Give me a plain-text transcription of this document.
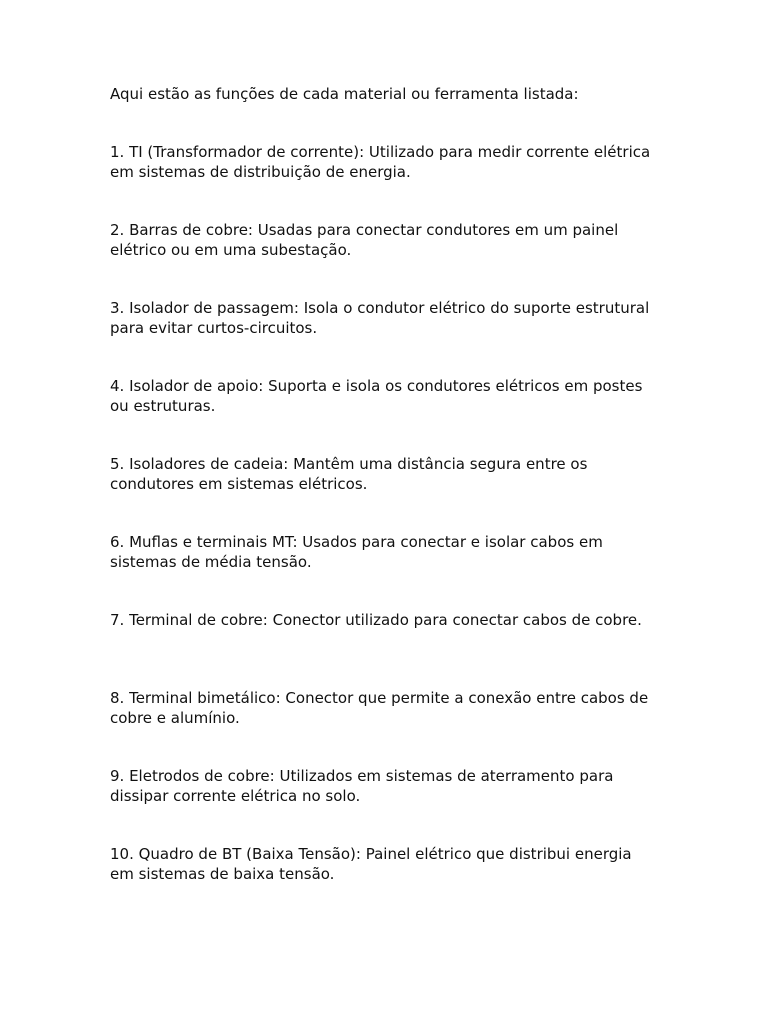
Aqui estão as funções de cada material ou ferramenta listada:

1. TI (Transformador de corrente): Utilizado para medir corrente elétrica em sistemas de distribuição de energia.

2. Barras de cobre: Usadas para conectar condutores em um painel elétrico ou em uma subestação.

3. Isolador de passagem: Isola o condutor elétrico do suporte estrutural para evitar curtos-circuitos.

4. Isolador de apoio: Suporta e isola os condutores elétricos em postes ou estruturas.

5. Isoladores de cadeia: Mantêm uma distância segura entre os condutores em sistemas elétricos.

6. Muflas e terminais MT: Usados para conectar e isolar cabos em sistemas de média tensão.

7. Terminal de cobre: Conector utilizado para conectar cabos de cobre.

8. Terminal bimetálico: Conector que permite a conexão entre cabos de cobre e alumínio.

9. Eletrodos de cobre: Utilizados em sistemas de aterramento para dissipar corrente elétrica no solo.

10. Quadro de BT (Baixa Tensão): Painel elétrico que distribui energia em sistemas de baixa tensão.
